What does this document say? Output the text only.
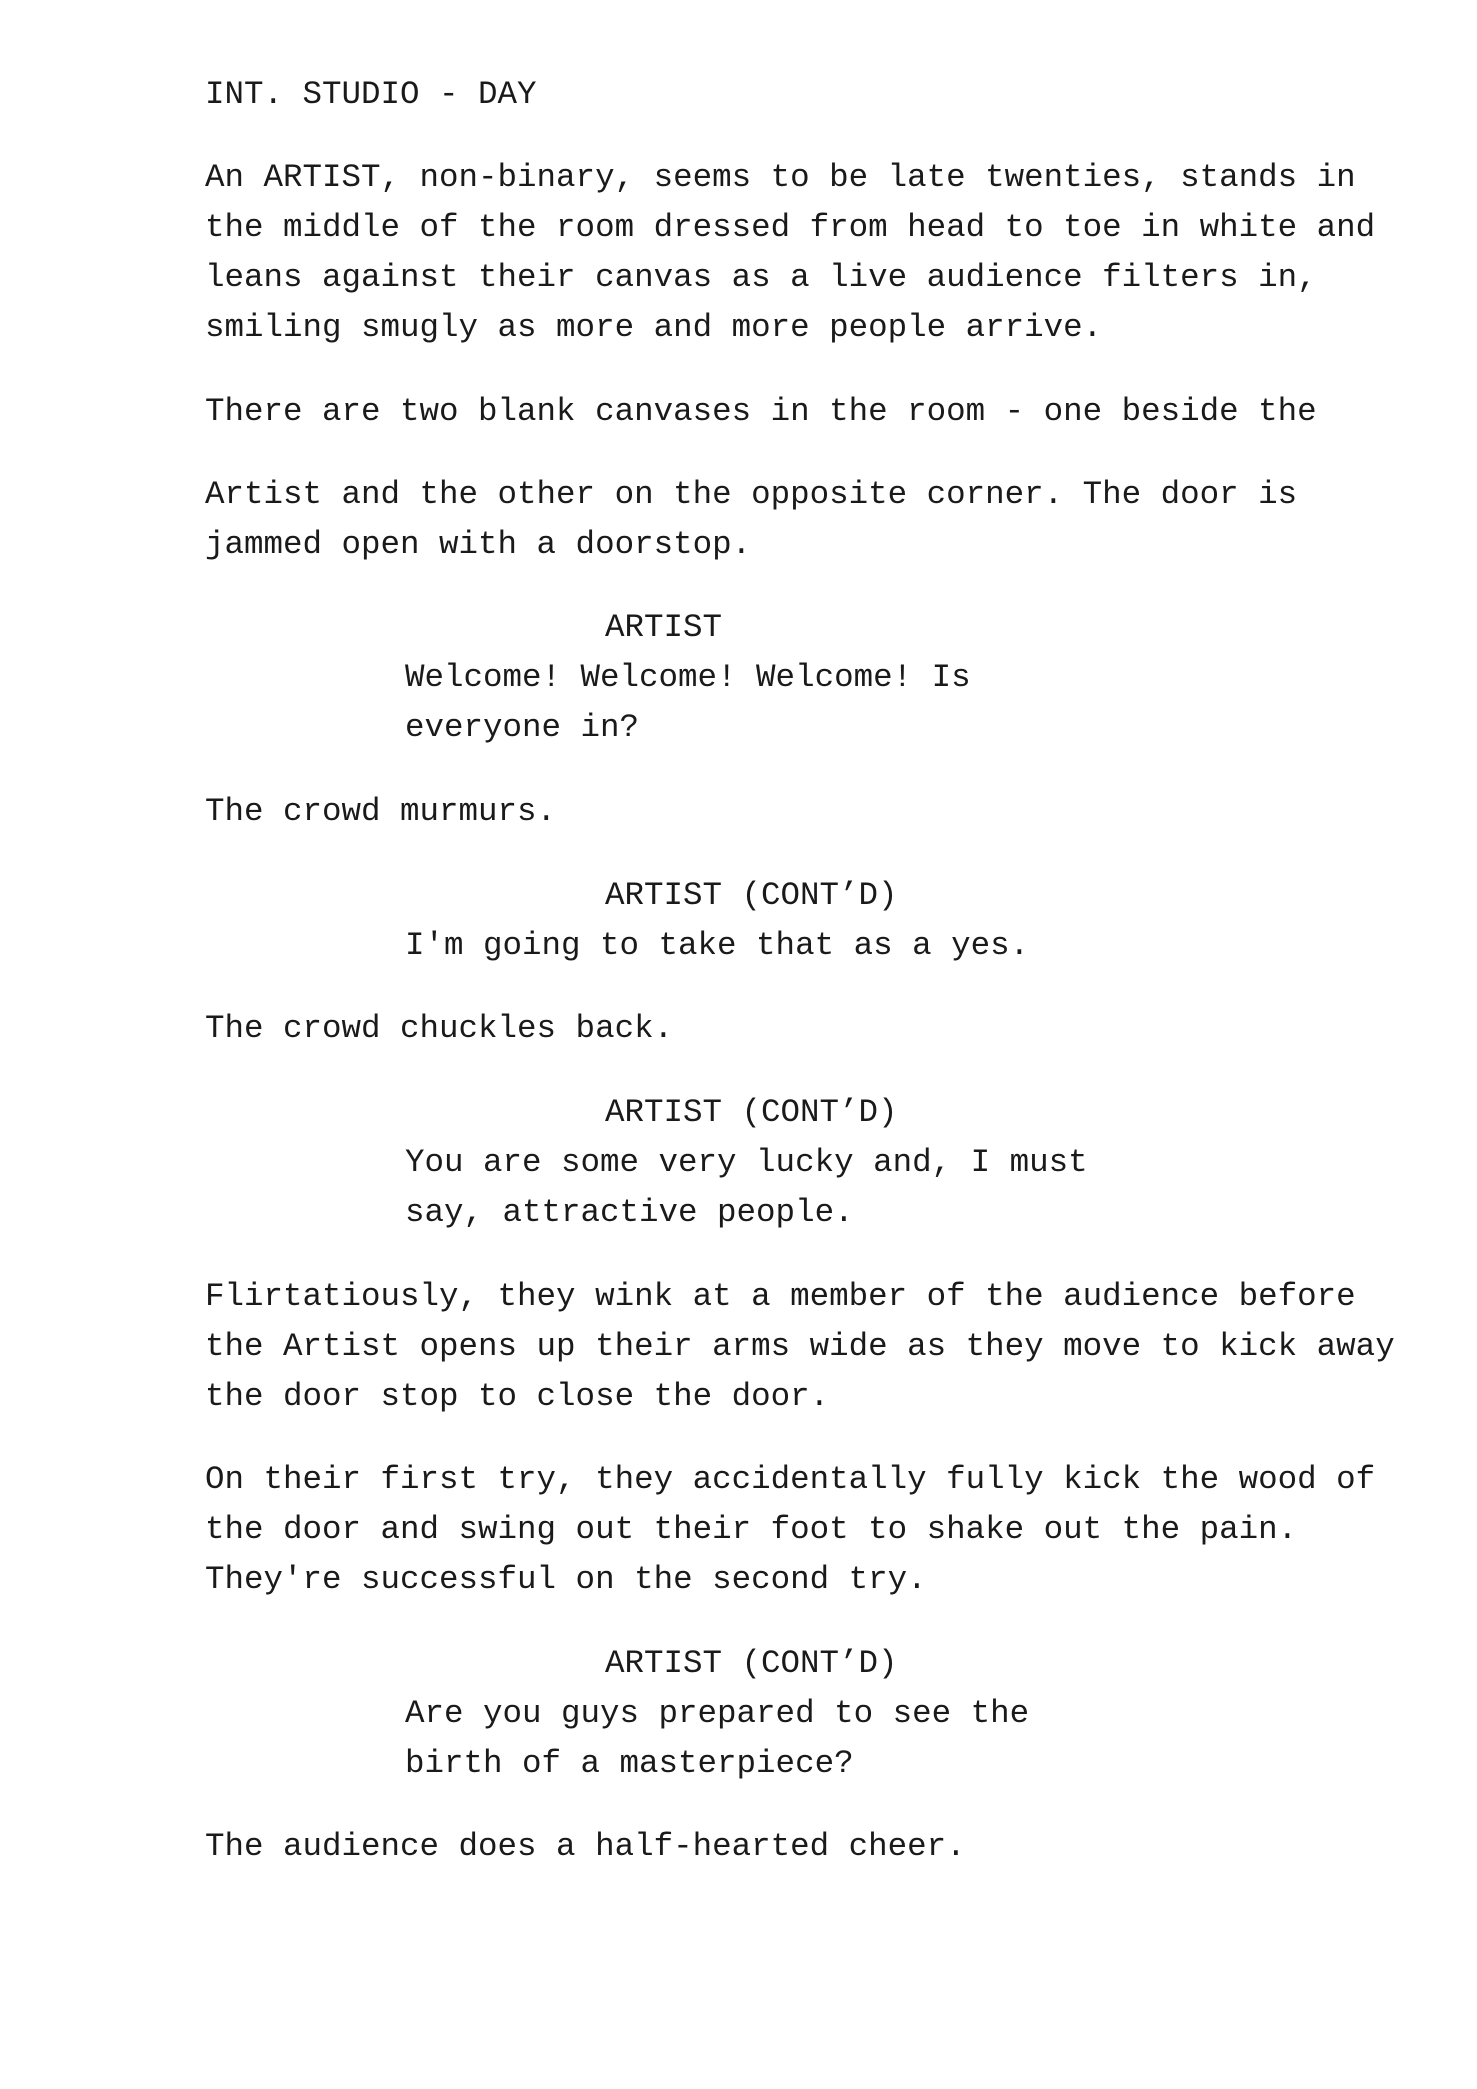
INT. STUDIO - DAY
An ARTIST, non-binary, seems to be late twenties, stands in
the middle of the room dressed from head to toe in white and
leans against their canvas as a live audience filters in,
smiling smugly as more and more people arrive.
There are two blank canvases in the room - one beside the
Artist and the other on the opposite corner. The door is
jammed open with a doorstop.
ARTIST
Welcome! Welcome! Welcome! Is
everyone in?
The crowd murmurs.
ARTIST (CONT’D)
I'm going to take that as a yes.
The crowd chuckles back.
ARTIST (CONT’D)
You are some very lucky and, I must
say, attractive people.
Flirtatiously, they wink at a member of the audience before
the Artist opens up their arms wide as they move to kick away
the door stop to close the door.
On their first try, they accidentally fully kick the wood of
the door and swing out their foot to shake out the pain.
They're successful on the second try.
ARTIST (CONT’D)
Are you guys prepared to see the
birth of a masterpiece?
The audience does a half-hearted cheer.
